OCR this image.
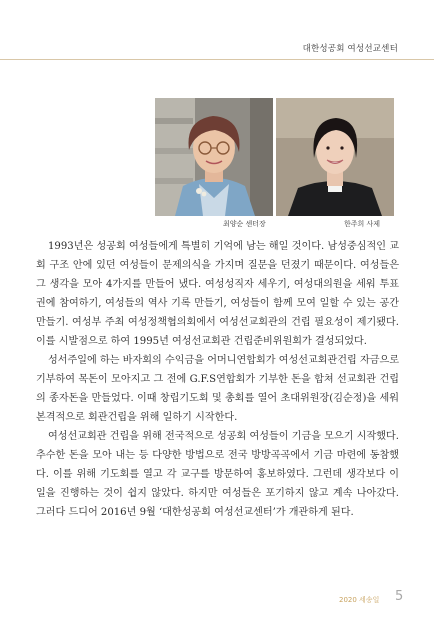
대한성공회 여성선교센터
최양순 센터장	한주희 사제

1993년은 성공회 여성들에게 특별히 기억에 남는 해일 것이다. 남성중심적인 교회 구조 안에 있던 여성들이 문제의식을 가지며 질문을 던졌기 때문이다. 여성들은 그 생각을 모아 4가지를 만들어 냈다. 여성성직자 세우기, 여성대의원을 세워 투표권에 참여하기, 여성들의 역사 기록 만들기, 여성들이 함께 모여 일할 수 있는 공간 만들기. 여성부 주최 여성정책협의회에서 여성선교회관의 건립 필요성이 제기됐다. 이를 시발점으로 하여 1995년 여성선교회관 건립준비위원회가 결성되었다.

성서주일에 하는 바자회의 수익금을 어머니연합회가 여성선교회관건립 자금으로 기부하여 목돈이 모아지고 그 전에 G.F.S연합회가 기부한 돈을 합쳐 선교회관 건립의 종자돈을 만들었다. 이때 창립기도회 및 총회를 열어 초대위원장(김순정)을 세워 본격적으로 회관건립을 위해 일하기 시작한다.

여성선교회관 건립을 위해 전국적으로 성공회 여성들이 기금을 모으기 시작했다. 추수한 돈을 모아 내는 등 다양한 방법으로 전국 방방곡곡에서 기금 마련에 동참했다. 이를 위해 기도회를 열고 각 교구를 방문하여 홍보하였다. 그런데 생각보다 이 일을 진행하는 것이 쉽지 않았다. 하지만 여성들은 포기하지 않고 계속 나아갔다. 그러다 드디어 2016년 9월 ‘대한성공회 여성선교센터’가 개관하게 된다.

2020 세송일 5
